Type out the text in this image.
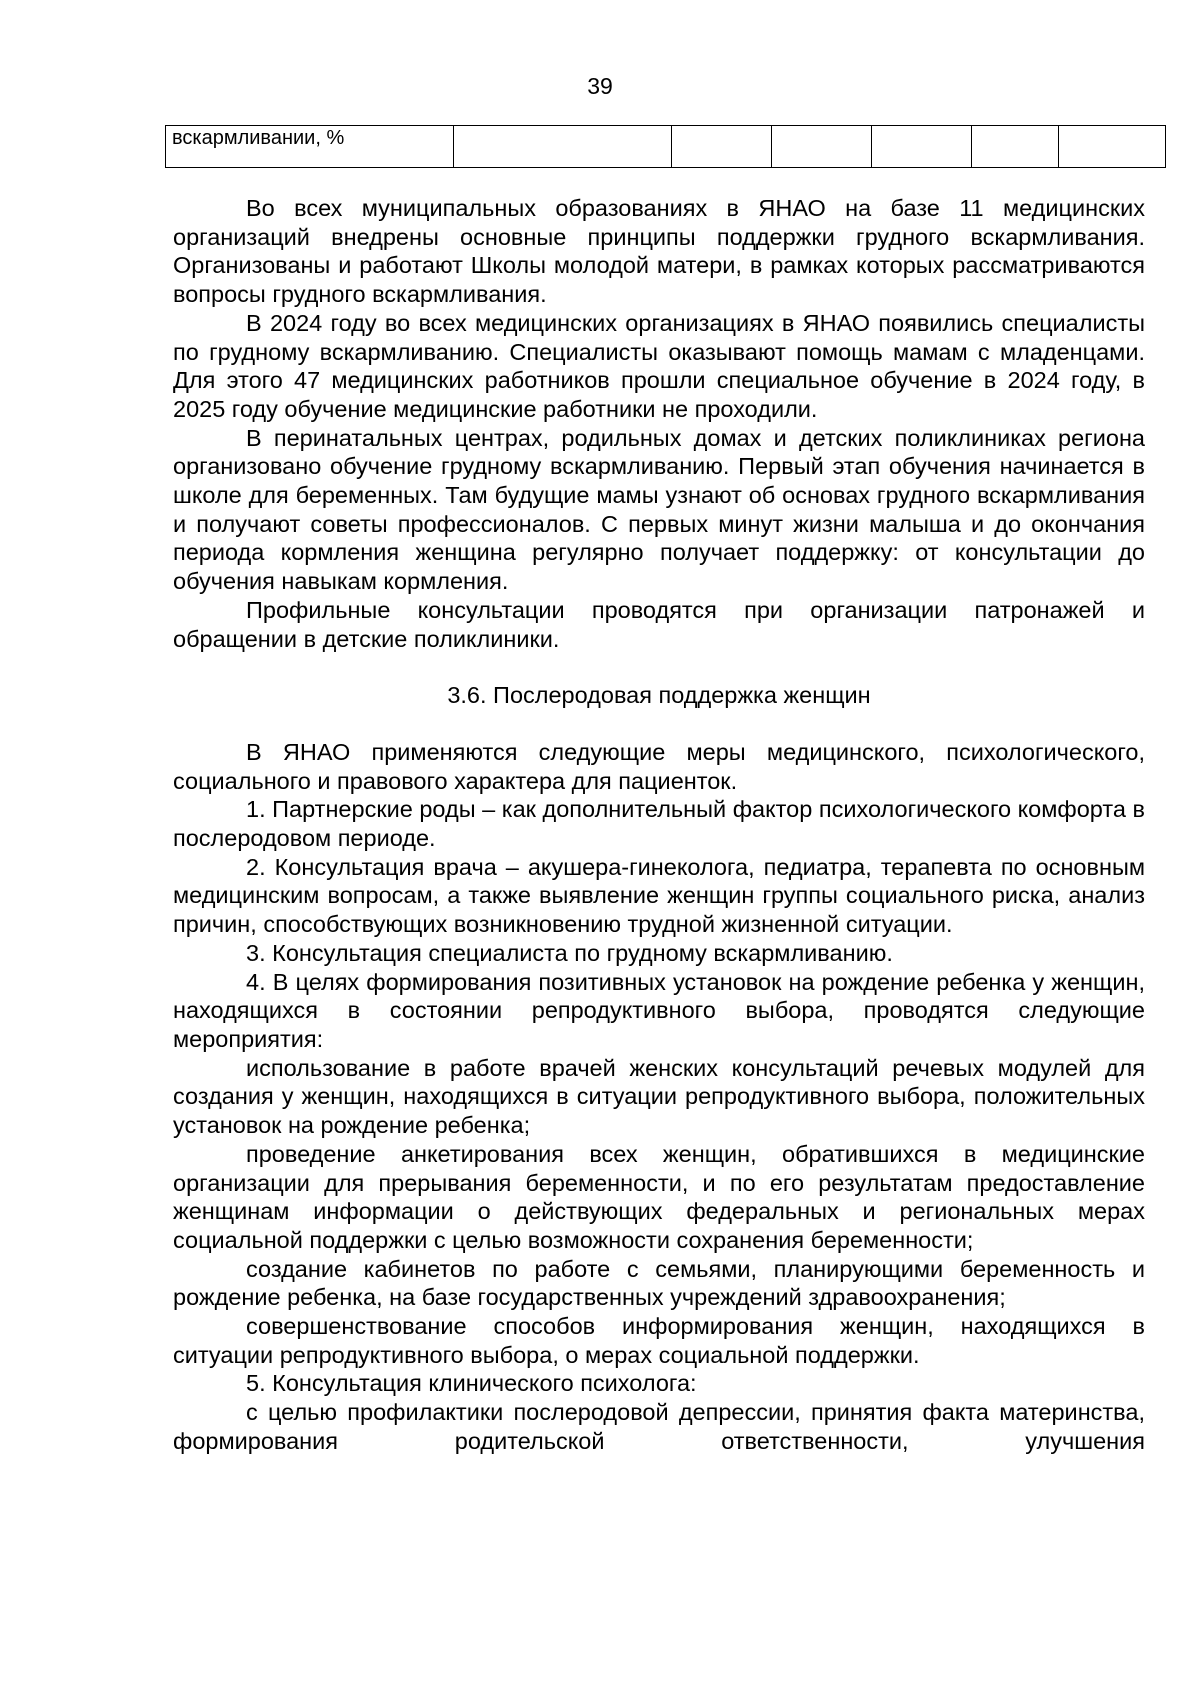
39
вскармливании, %						

Во всех муниципальных образованиях в ЯНАО на базе 11 медицинских организаций внедрены основные принципы поддержки грудного вскармливания. Организованы и работают Школы молодой матери, в рамках которых рассматриваются вопросы грудного вскармливания.

В 2024 году во всех медицинских организациях в ЯНАО появились специалисты по грудному вскармливанию. Специалисты оказывают помощь мамам с младенцами. Для этого 47 медицинских работников прошли специальное обучение в 2024 году, в 2025 году обучение медицинские работники не проходили.

В перинатальных центрах, родильных домах и детских поликлиниках региона организовано обучение грудному вскармливанию. Первый этап обучения начинается в школе для беременных. Там будущие мамы узнают об основах грудного вскармливания и получают советы профессионалов. С первых минут жизни малыша и до окончания периода кормления женщина регулярно получает поддержку: от консультации до обучения навыкам кормления.

Профильные консультации проводятся при организации патронажей и обращении в детские поликлиники.

3.6. Послеродовая поддержка женщин

В ЯНАО применяются следующие меры медицинского, психологического, социального и правового характера для пациенток.

1. Партнерские роды – как дополнительный фактор психологического комфорта в послеродовом периоде.

2. Консультация врача – акушера-гинеколога, педиатра, терапевта по основным медицинским вопросам, а также выявление женщин группы социального риска, анализ причин, способствующих возникновению трудной жизненной ситуации.

3. Консультация специалиста по грудному вскармливанию.

4. В целях формирования позитивных установок на рождение ребенка у женщин, находящихся в состоянии репродуктивного выбора, проводятся следующие мероприятия:

использование в работе врачей женских консультаций речевых модулей для создания у женщин, находящихся в ситуации репродуктивного выбора, положительных установок на рождение ребенка;

проведение анкетирования всех женщин, обратившихся в медицинские организации для прерывания беременности, и по его результатам предоставление женщинам информации о действующих федеральных и региональных мерах социальной поддержки с целью возможности сохранения беременности;

создание кабинетов по работе с семьями, планирующими беременность и рождение ребенка, на базе государственных учреждений здравоохранения;

совершенствование способов информирования женщин, находящихся в ситуации репродуктивного выбора, о мерах социальной поддержки.

5. Консультация клинического психолога:

с целью профилактики послеродовой депрессии, принятия факта материнства, формирования родительской ответственности, улучшения
